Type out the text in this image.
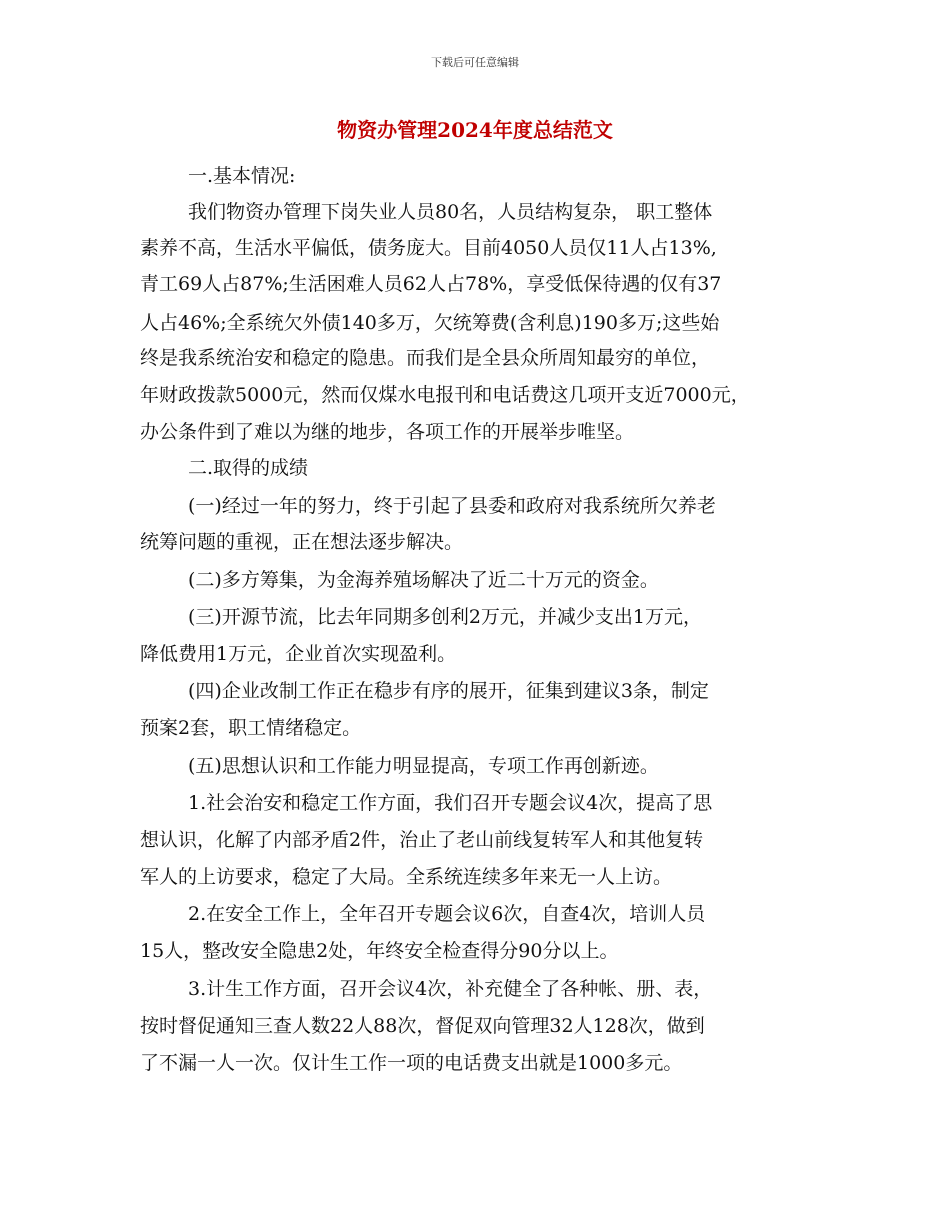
下载后可任意编辑
物资办管理2024年度总结范文
一.基本情况:
我们物资办管理下岗失业人员80名，人员结构复杂， 职工整体
素养不高，生活水平偏低，债务庞大。目前4050人员仅11人占13%,
青工69人占87%;生活困难人员62人占78%，享受低保待遇的仅有37
人占46%;全系统欠外债140多万，欠统筹费(含利息)190多万;这些始
终是我系统治安和稳定的隐患。而我们是全县众所周知最穷的单位，
年财政拨款5000元，然而仅煤水电报刊和电话费这几项开支近7000元，
办公条件到了难以为继的地步，各项工作的开展举步唯坚。
二.取得的成绩
(一)经过一年的努力，终于引起了县委和政府对我系统所欠养老
统筹问题的重视，正在想法逐步解决。
(二)多方筹集，为金海养殖场解决了近二十万元的资金。
(三)开源节流，比去年同期多创利2万元，并减少支出1万元，
降低费用1万元，企业首次实现盈利。
(四)企业改制工作正在稳步有序的展开，征集到建议3条，制定
预案2套，职工情绪稳定。
(五)思想认识和工作能力明显提高，专项工作再创新迹。
1.社会治安和稳定工作方面，我们召开专题会议4次，提高了思
想认识，化解了内部矛盾2件，治止了老山前线复转军人和其他复转
军人的上访要求，稳定了大局。全系统连续多年来无一人上访。
2.在安全工作上，全年召开专题会议6次，自查4次，培训人员
15人，整改安全隐患2处，年终安全检查得分90分以上。
3.计生工作方面，召开会议4次，补充健全了各种帐、册、表，
按时督促通知三查人数22人88次，督促双向管理32人128次，做到
了不漏一人一次。仅计生工作一项的电话费支出就是1000多元。
